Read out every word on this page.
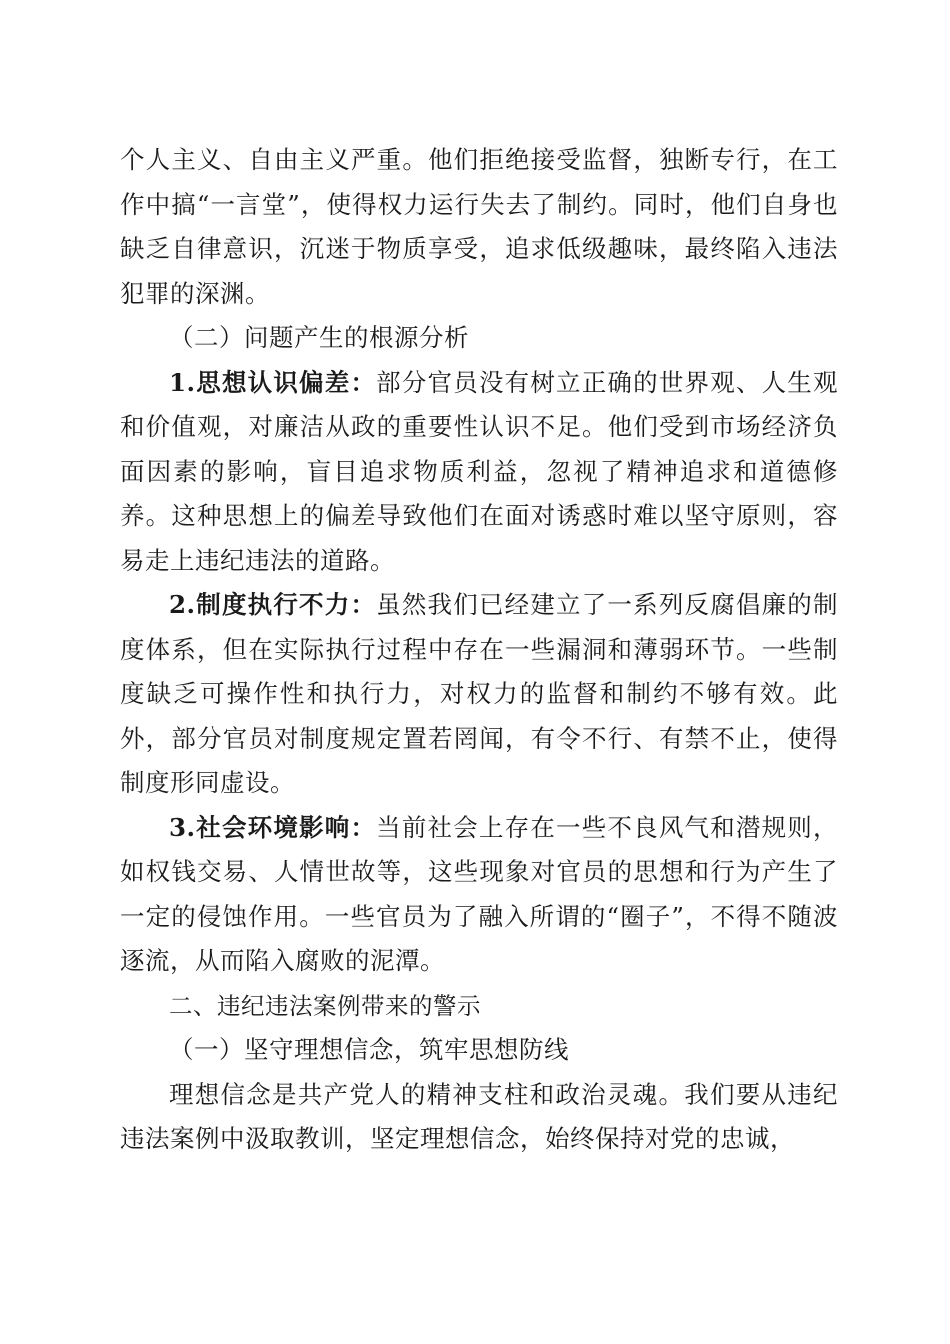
个人主义、自由主义严重。他们拒绝接受监督，独断专行，在工作中搞“一言堂”，使得权力运行失去了制约。同时，他们自身也缺乏自律意识，沉迷于物质享受，追求低级趣味，最终陷入违法犯罪的深渊。

（二）问题产生的根源分析

1.思想认识偏差：部分官员没有树立正确的世界观、人生观和价值观，对廉洁从政的重要性认识不足。他们受到市场经济负面因素的影响，盲目追求物质利益，忽视了精神追求和道德修养。这种思想上的偏差导致他们在面对诱惑时难以坚守原则，容易走上违纪违法的道路。

2.制度执行不力：虽然我们已经建立了一系列反腐倡廉的制度体系，但在实际执行过程中存在一些漏洞和薄弱环节。一些制度缺乏可操作性和执行力，对权力的监督和制约不够有效。此外，部分官员对制度规定置若罔闻，有令不行、有禁不止，使得制度形同虚设。

3.社会环境影响：当前社会上存在一些不良风气和潜规则，如权钱交易、人情世故等，这些现象对官员的思想和行为产生了一定的侵蚀作用。一些官员为了融入所谓的“圈子”，不得不随波逐流，从而陷入腐败的泥潭。

二、违纪违法案例带来的警示

（一）坚守理想信念，筑牢思想防线

理想信念是共产党人的精神支柱和政治灵魂。我们要从违纪违法案例中汲取教训，坚定理想信念，始终保持对党的忠诚，
